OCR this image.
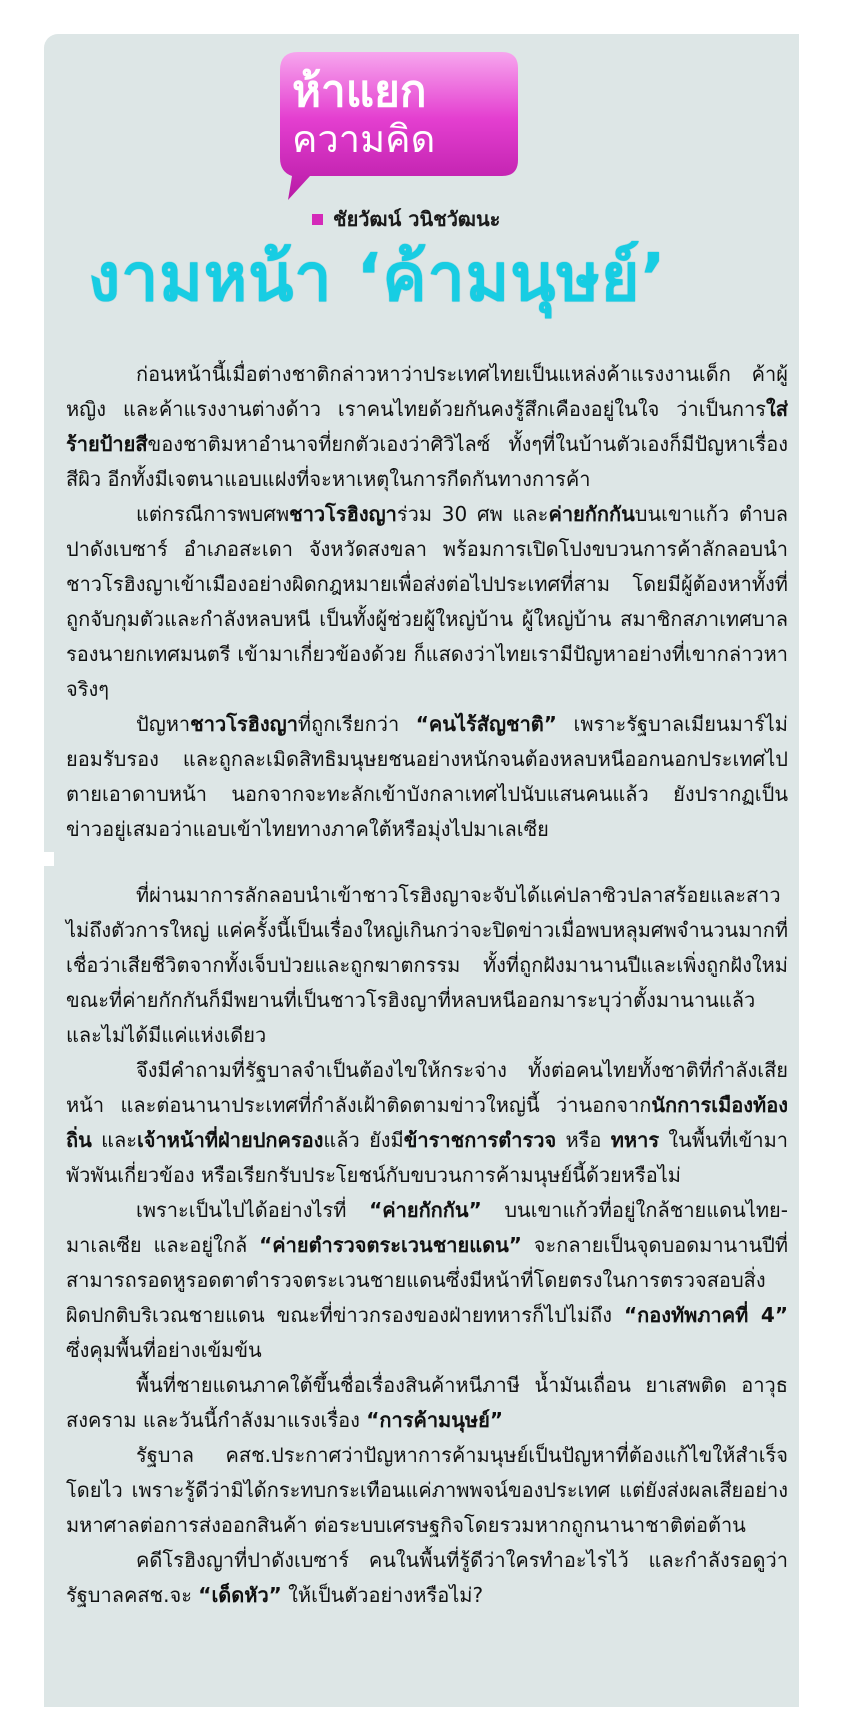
ห้าแยก
ความคิด
ชัยวัฒน์ วนิชวัฒนะ
งามหน้า ‘ค้ามนุษย์’

ก่อนหน้านี้เมื่อต่างชาติกล่าวหาว่าประเทศไทยเป็นแหล่งค้าแรงงานเด็ก ค้าผู้หญิง และค้าแรงงานต่างด้าว เราคนไทยด้วยกันคงรู้สึกเคืองอยู่ในใจ ว่าเป็นการใส่ร้ายป้ายสีของชาติมหาอำนาจที่ยกตัวเองว่าศิวิไลซ์ ทั้งๆที่ในบ้านตัวเองก็มีปัญหาเรื่องสีผิว อีกทั้งมีเจตนาแอบแฝงที่จะหาเหตุในการกีดกันทางการค้า

แต่กรณีการพบศพชาวโรฮิงญาร่วม 30 ศพ และค่ายกักกันบนเขาแก้ว ตำบลปาดังเบซาร์ อำเภอสะเดา จังหวัดสงขลา พร้อมการเปิดโปงขบวนการค้าลักลอบนำชาวโรฮิงญาเข้าเมืองอย่างผิดกฎหมายเพื่อส่งต่อไปประเทศที่สาม โดยมีผู้ต้องหาทั้งที่ถูกจับกุมตัวและกำลังหลบหนี เป็นทั้งผู้ช่วยผู้ใหญ่บ้าน ผู้ใหญ่บ้าน สมาชิกสภาเทศบาล รองนายกเทศมนตรี เข้ามาเกี่ยวข้องด้วย ก็แสดงว่าไทยเรามีปัญหาอย่างที่เขากล่าวหาจริงๆ

ปัญหาชาวโรฮิงญาที่ถูกเรียกว่า “คนไร้สัญชาติ” เพราะรัฐบาลเมียนมาร์ไม่ยอมรับรอง และถูกละเมิดสิทธิมนุษยชนอย่างหนักจนต้องหลบหนีออกนอกประเทศไปตายเอาดาบหน้า นอกจากจะทะลักเข้าบังกลาเทศไปนับแสนคนแล้ว ยังปรากฏเป็นข่าวอยู่เสมอว่าแอบเข้าไทยทางภาคใต้หรือมุ่งไปมาเลเซีย

ที่ผ่านมาการลักลอบนำเข้าชาวโรฮิงญาจะจับได้แค่ปลาซิวปลาสร้อยและสาวไม่ถึงตัวการใหญ่ แค่ครั้งนี้เป็นเรื่องใหญ่เกินกว่าจะปิดข่าวเมื่อพบหลุมศพจำนวนมากที่เชื่อว่าเสียชีวิตจากทั้งเจ็บป่วยและถูกฆาตกรรม ทั้งที่ถูกฝังมานานปีและเพิ่งถูกฝังใหม่ ขณะที่ค่ายกักกันก็มีพยานที่เป็นชาวโรฮิงญาที่หลบหนีออกมาระบุว่าตั้งมานานแล้ว และไม่ได้มีแค่แห่งเดียว

จึงมีคำถามที่รัฐบาลจำเป็นต้องไขให้กระจ่าง ทั้งต่อคนไทยทั้งชาติที่กำลังเสียหน้า และต่อนานาประเทศที่กำลังเฝ้าติดตามข่าวใหญ่นี้ ว่านอกจากนักการเมืองท้องถิ่น และเจ้าหน้าที่ฝ่ายปกครองแล้ว ยังมีข้าราชการตำรวจ หรือ ทหาร ในพื้นที่เข้ามาพัวพันเกี่ยวข้อง หรือเรียกรับประโยชน์กับขบวนการค้ามนุษย์นี้ด้วยหรือไม่

เพราะเป็นไปได้อย่างไรที่ “ค่ายกักกัน” บนเขาแก้วที่อยู่ใกล้ชายแดนไทย-มาเลเซีย และอยู่ใกล้ “ค่ายตำรวจตระเวนชายแดน” จะกลายเป็นจุดบอดมานานปีที่สามารถรอดหูรอดตาตำรวจตระเวนชายแดนซึ่งมีหน้าที่โดยตรงในการตรวจสอบสิ่งผิดปกติบริเวณชายแดน ขณะที่ข่าวกรองของฝ่ายทหารก็ไปไม่ถึง “กองทัพภาคที่ 4” ซึ่งคุมพื้นที่อย่างเข้มข้น

พื้นที่ชายแดนภาคใต้ขึ้นชื่อเรื่องสินค้าหนีภาษี น้ำมันเถื่อน ยาเสพติด อาวุธสงคราม และวันนี้กำลังมาแรงเรื่อง “การค้ามนุษย์”

รัฐบาล คสช.ประกาศว่าปัญหาการค้ามนุษย์เป็นปัญหาที่ต้องแก้ไขให้สำเร็จโดยไว เพราะรู้ดีว่ามิได้กระทบกระเทือนแค่ภาพพจน์ของประเทศ แต่ยังส่งผลเสียอย่างมหาศาลต่อการส่งออกสินค้า ต่อระบบเศรษฐกิจโดยรวมหากถูกนานาชาติต่อต้าน

คดีโรฮิงญาที่ปาดังเบซาร์ คนในพื้นที่รู้ดีว่าใครทำอะไรไว้ และกำลังรอดูว่า รัฐบาลคสช.จะ “เด็ดหัว” ให้เป็นตัวอย่างหรือไม่?
